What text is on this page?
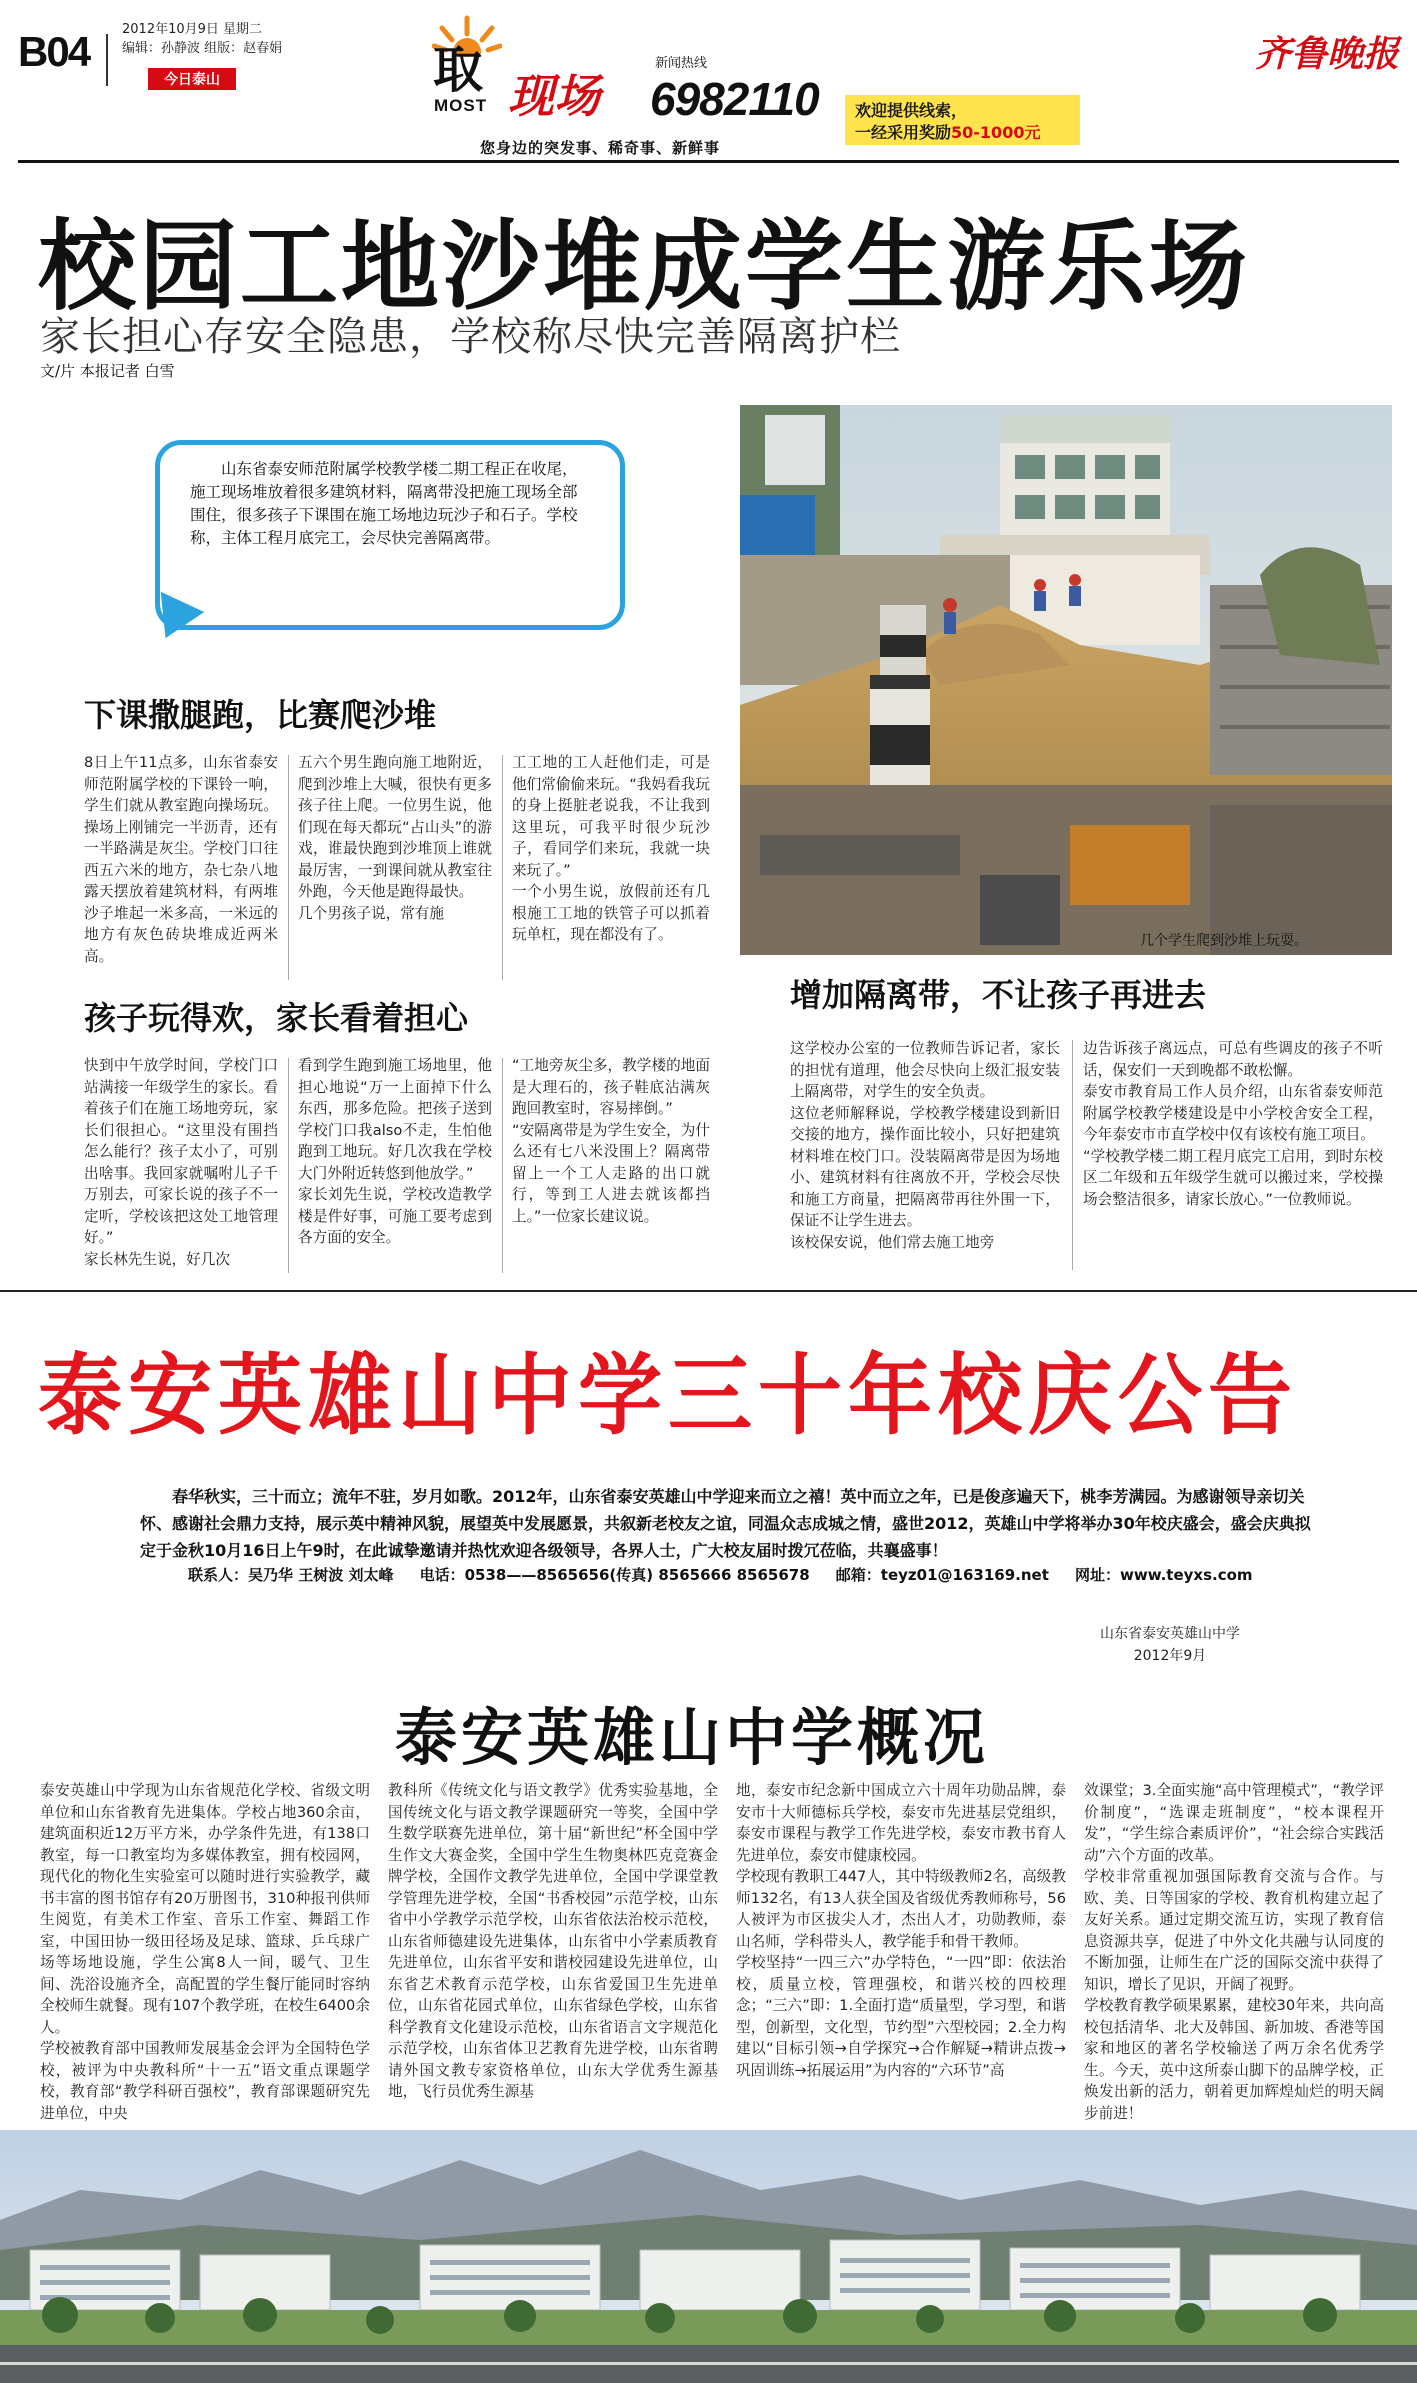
B04	2012年10月9日 星期二
编辑：孙静波 组版：赵春娟
今日泰山	取
MOST 现场
新闻热线
6982110
您身边的突发事、稀奇事、新鲜事
欢迎提供线索，
一经采用奖励50-1000元
齐鲁晚报
校园工地沙堆成学生游乐场
家长担心存安全隐患，学校称尽快完善隔离护栏
文/片 本报记者 白雪
山东省泰安师范附属学校教学楼二期工程正在收尾，施工现场堆放着很多建筑材料，隔离带没把施工现场全部围住，很多孩子下课围在施工场地边玩沙子和石子。学校称，主体工程月底完工，会尽快完善隔离带。
几个学生爬到沙堆上玩耍。
下课撒腿跑，比赛爬沙堆
8日上午11点多，山东省泰安师范附属学校的下课铃一响，学生们就从教室跑向操场玩。操场上刚铺完一半沥青，还有一半路满是灰尘。学校门口往西五六米的地方，杂七杂八地露天摆放着建筑材料，有两堆沙子堆起一米多高，一米远的地方有灰色砖块堆成近两米高。
五六个男生跑向施工地附近，爬到沙堆上大喊，很快有更多孩子往上爬。一位男生说，他们现在每天都玩“占山头”的游戏，谁最快跑到沙堆顶上谁就最厉害，一到课间就从教室往外跑，今天他是跑得最快。
几个男孩子说，常有施
工工地的工人赶他们走，可是他们常偷偷来玩。“我妈看我玩的身上挺脏老说我，不让我到这里玩，可我平时很少玩沙子，看同学们来玩，我就一块来玩了。”
一个小男生说，放假前还有几根施工工地的铁管子可以抓着玩单杠，现在都没有了。
孩子玩得欢，家长看着担心
快到中午放学时间，学校门口站满接一年级学生的家长。看着孩子们在施工场地旁玩，家长们很担心。“这里没有围挡怎么能行？孩子太小了，可别出啥事。我回家就嘱咐儿子千万别去，可家长说的孩子不一定听，学校该把这处工地管理好。”
家长林先生说，好几次
看到学生跑到施工场地里，他担心地说“万一上面掉下什么东西，那多危险。把孩子送到学校门口我also不走，生怕他跑到工地玩。好几次我在学校大门外附近转悠到他放学。”
家长刘先生说，学校改造教学楼是件好事，可施工要考虑到各方面的安全。
“工地旁灰尘多，教学楼的地面是大理石的，孩子鞋底沾满灰跑回教室时，容易摔倒。”
“安隔离带是为学生安全，为什么还有七八米没围上？隔离带留上一个工人走路的出口就行，等到工人进去就该都挡上。”一位家长建议说。
增加隔离带，不让孩子再进去
这学校办公室的一位教师告诉记者，家长的担忧有道理，他会尽快向上级汇报安装上隔离带，对学生的安全负责。
这位老师解释说，学校教学楼建设到新旧交接的地方，操作面比较小，只好把建筑材料堆在校门口。没装隔离带是因为场地小、建筑材料有往离放不开，学校会尽快和施工方商量，把隔离带再往外围一下，保证不让学生进去。
该校保安说，他们常去施工地旁
边告诉孩子离远点，可总有些调皮的孩子不听话，保安们一天到晚都不敢松懈。
泰安市教育局工作人员介绍，山东省泰安师范附属学校教学楼建设是中小学校舍安全工程，今年泰安市市直学校中仅有该校有施工项目。
“学校教学楼二期工程月底完工启用，到时东校区二年级和五年级学生就可以搬过来，学校操场会整洁很多，请家长放心。”一位教师说。
泰安英雄山中学三十年校庆公告
春华秋实，三十而立；流年不驻，岁月如歌。2012年，山东省泰安英雄山中学迎来而立之禧！英中而立之年，已是俊彦遍天下，桃李芳满园。为感谢领导亲切关怀、感谢社会鼎力支持，展示英中精神风貌，展望英中发展愿景，共叙新老校友之谊，同温众志成城之情，盛世2012，英雄山中学将举办30年校庆盛会，盛会庆典拟定于金秋10月16日上午9时，在此诚挚邀请并热忱欢迎各级领导，各界人士，广大校友届时拨冗莅临，共襄盛事！
联系人：吴乃华 王树波 刘太峰 电话：0538——8565656(传真) 8565666 8565678 邮箱：teyz01@163169.net 网址：www.teyxs.com
山东省泰安英雄山中学
2012年9月
泰安英雄山中学概况
泰安英雄山中学现为山东省规范化学校、省级文明单位和山东省教育先进集体。学校占地360余亩，建筑面积近12万平方米，办学条件先进，有138口教室，每一口教室均为多媒体教室，拥有校园网，现代化的物化生实验室可以随时进行实验教学，藏书丰富的图书馆存有20万册图书，310种报刊供师生阅览，有美术工作室、音乐工作室、舞蹈工作室，中国田协一级田径场及足球、篮球、乒乓球广场等场地设施，学生公寓8人一间，暖气、卫生间、洗浴设施齐全，高配置的学生餐厅能同时容纳全校师生就餐。现有107个教学班，在校生6400余人。
学校被教育部中国教师发展基金会评为全国特色学校，被评为中央教科所“十一五”语文重点课题学校，教育部“教学科研百强校”，教育部课题研究先进单位，中央
教科所《传统文化与语文教学》优秀实验基地，全国传统文化与语文教学课题研究一等奖，全国中学生数学联赛先进单位，第十届“新世纪”杯全国中学生作文大赛金奖，全国中学生生物奥林匹克竞赛金牌学校，全国作文教学先进单位，全国中学课堂教学管理先进学校，全国“书香校园”示范学校，山东省中小学教学示范学校，山东省依法治校示范校，山东省师德建设先进集体，山东省中小学素质教育先进单位，山东省平安和谐校园建设先进单位，山东省艺术教育示范学校，山东省爱国卫生先进单位，山东省花园式单位，山东省绿色学校，山东省科学教育文化建设示范校，山东省语言文字规范化示范学校，山东省体卫艺教育先进学校，山东省聘请外国文教专家资格单位，山东大学优秀生源基地，飞行员优秀生源基
地，泰安市纪念新中国成立六十周年功勋品牌，泰安市十大师德标兵学校，泰安市先进基层党组织，泰安市课程与教学工作先进学校，泰安市教书育人先进单位，泰安市健康校园。
学校现有教职工447人，其中特级教师2名，高级教师132名，有13人获全国及省级优秀教师称号，56人被评为市区拔尖人才，杰出人才，功勋教师，泰山名师，学科带头人，教学能手和骨干教师。
学校坚持“一四三六”办学特色，“一四”即：依法治校，质量立校，管理强校，和谐兴校的四校理念；“三六”即：1.全面打造“质量型，学习型，和谐型，创新型，文化型，节约型”六型校园；2.全力构建以“目标引领→自学探究→合作解疑→精讲点拨→巩固训练→拓展运用”为内容的“六环节”高
效课堂；3.全面实施“高中管理模式”，“教学评价制度”，“选课走班制度”，“校本课程开发”，“学生综合素质评价”，“社会综合实践活动”六个方面的改革。
学校非常重视加强国际教育交流与合作。与欧、美、日等国家的学校、教育机构建立起了友好关系。通过定期交流互访，实现了教育信息资源共享，促进了中外文化共融与认同度的不断加强，让师生在广泛的国际交流中获得了知识，增长了见识，开阔了视野。
学校教育教学硕果累累，建校30年来，共向高校包括清华、北大及韩国、新加坡、香港等国家和地区的著名学校输送了两万余名优秀学生。今天，英中这所泰山脚下的品牌学校，正焕发出新的活力，朝着更加辉煌灿烂的明天阔步前进！
